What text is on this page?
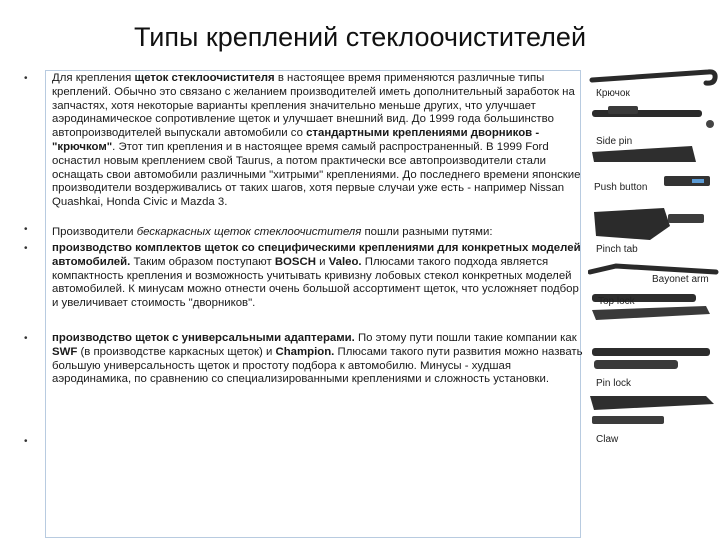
Типы креплений стеклоочистителей
•
•
•
•
•

Для крепления щеток стеклоочистителя в настоящее время применяются различные типы креплений. Обычно это связано с желанием производителей иметь дополнительный заработок на запчастях, хотя некоторые варианты крепления значительно меньше других, что улучшает аэродинамическое сопротивление щеток и улучшает внешний вид. До 1999 года большинство автопроизводителей выпускали автомобили со стандартными креплениями дворников - "крючком". Этот тип крепления и в настоящее время самый распространенный. В 1999 Ford оснастил новым креплением свой Taurus, а потом практически все автопроизводители стали оснащать свои автомобили различными "хитрыми" креплениями. До последнего времени японские производители воздерживались от таких шагов, хотя первые случаи уже есть - например Nissan Quashkai, Honda Civic и Mazda 3.

Производители бескаркасных щеток стеклоочистителя пошли разными путями:

производство комплектов щеток со специфическими креплениями для конкретных моделей автомобилей. Таким образом поступают BOSCH и Valeo. Плюсами такого подхода является компактность крепления и возможность учитывать кривизну лобовых стекол конкретных моделей автомобилей. К минусам можно отнести очень большой ассортимент щеток, что усложняет подбор и увеличивает стоимость "дворников".

производство щеток с универсальными адаптерами. По этому пути пошли такие компании как SWF (в производстве каркасных щеток) и Champion. Плюсами такого пути развития можно назвать большую универсальность щеток и простоту подбора к автомобилю. Минусы - худшая аэродинамика, по сравнению со специализированными креплениями и сложность установки.

Крючок
Side pin
Push button
Pinch tab
Bayonet arm
Top lock
Pin lock
Claw
